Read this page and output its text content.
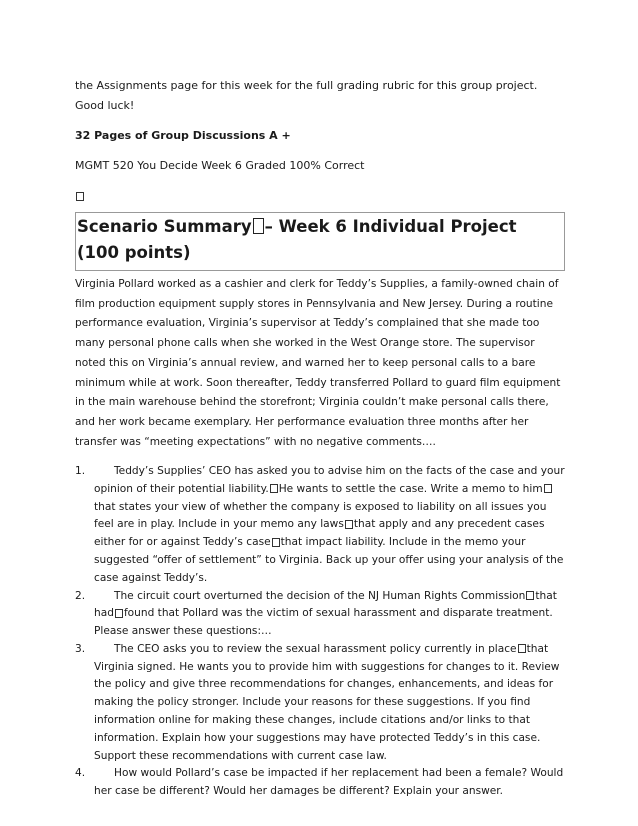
the Assignments page for this week for the full grading rubric for this group project.

Good luck!

32 Pages of Group Discussions A +

MGMT 520 You Decide Week 6 Graded 100% Correct

Scenario Summary – Week 6 Individual Project
(100 points)

Virginia Pollard worked as a cashier and clerk for Teddy’s Supplies, a family-owned chain of film production equipment supply stores in Pennsylvania and New Jersey. During a routine performance evaluation, Virginia’s supervisor at Teddy’s complained that she made too many personal phone calls when she worked in the West Orange store. The supervisor noted this on Virginia’s annual review, and warned her to keep personal calls to a bare minimum while at work. Soon thereafter, Teddy transferred Pollard to guard film equipment in the main warehouse behind the storefront; Virginia couldn’t make personal calls there, and her work became exemplary. Her performance evaluation three months after her transfer was “meeting expectations” with no negative comments….

1.	Teddy’s Supplies’ CEO has asked you to advise him on the facts of the case and your opinion of their potential liability. He wants to settle the case. Write a memo to himthat states your view of whether the company is exposed to liability on all issues you feel are in play. Include in your memo any laws that apply and any precedent cases either for or against Teddy’s case that impact liability. Include in the memo your suggested “offer of settlement” to Virginia. Back up your offer using your analysis of the case against Teddy’s.
2.	The circuit court overturned the decision of the NJ Human Rights Commission that had found that Pollard was the victim of sexual harassment and disparate treatment. Please answer these questions:…
3.	The CEO asks you to review the sexual harassment policy currently in place that Virginia signed. He wants you to provide him with suggestions for changes to it. Review the policy and give three recommendations for changes, enhancements, and ideas for making the policy stronger. Include your reasons for these suggestions. If you find information online for making these changes, include citations and/or links to that information. Explain how your suggestions may have protected Teddy’s in this case. Support these recommendations with current case law.
4.	How would Pollard’s case be impacted if her replacement had been a female? Would her case be different? Would her damages be different? Explain your answer.
